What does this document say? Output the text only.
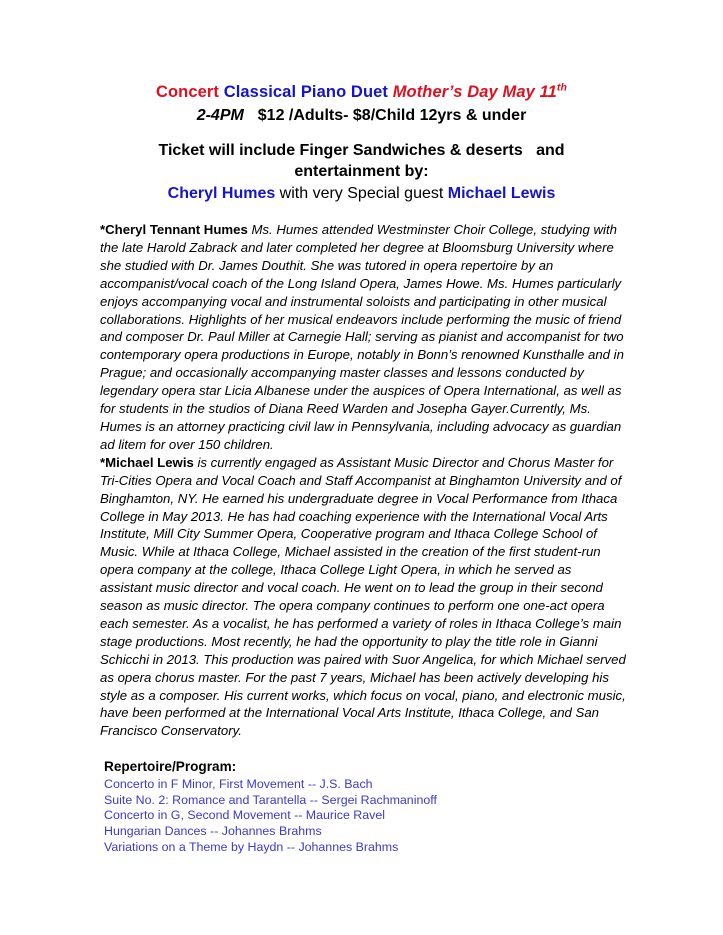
Concert Classical Piano Duet Mother’s Day May 11th
2-4PM $12 /Adults- $8/Child 12yrs & under
Ticket will include Finger Sandwiches & deserts   and
entertainment by:
Cheryl Humes with very Special guest Michael Lewis

*Cheryl Tennant Humes Ms. Humes attended Westminster Choir College, studying with the late Harold Zabrack and later completed her degree at Bloomsburg University where she studied with Dr. James Douthit. She was tutored in opera repertoire by an accompanist/vocal coach of the Long Island Opera, James Howe. Ms. Humes particularly enjoys accompanying vocal and instrumental soloists and participating in other musical collaborations. Highlights of her musical endeavors include performing the music of friend and composer Dr. Paul Miller at Carnegie Hall; serving as pianist and accompanist for two contemporary opera productions in Europe, notably in Bonn’s renowned Kunsthalle and in Prague; and occasionally accompanying master classes and lessons conducted by legendary opera star Licia Albanese under the auspices of Opera International, as well as for students in the studios of Diana Reed Warden and Josepha Gayer.Currently, Ms. Humes is an attorney practicing civil law in Pennsylvania, including advocacy as guardian ad litem for over 150 children.

*Michael Lewis is currently engaged as Assistant Music Director and Chorus Master for Tri-Cities Opera and Vocal Coach and Staff Accompanist at Binghamton University and of Binghamton, NY. He earned his undergraduate degree in Vocal Performance from Ithaca College in May 2013. He has had coaching experience with the International Vocal Arts Institute, Mill City Summer Opera, Cooperative program and Ithaca College School of Music. While at Ithaca College, Michael assisted in the creation of the first student-run opera company at the college, Ithaca College Light Opera, in which he served as assistant music director and vocal coach. He went on to lead the group in their second season as music director. The opera company continues to perform one one-act opera each semester. As a vocalist, he has performed a variety of roles in Ithaca College’s main stage productions. Most recently, he had the opportunity to play the title role in Gianni Schicchi in 2013. This production was paired with Suor Angelica, for which Michael served as opera chorus master. For the past 7 years, Michael has been actively developing his style as a composer. His current works, which focus on vocal, piano, and electronic music, have been performed at the International Vocal Arts Institute, Ithaca College, and San Francisco Conservatory.

Repertoire/Program:
Concerto in F Minor, First Movement -- J.S. Bach
Suite No. 2: Romance and Tarantella -- Sergei Rachmaninoff
Concerto in G, Second Movement -- Maurice Ravel
Hungarian Dances -- Johannes Brahms
Variations on a Theme by Haydn -- Johannes Brahms
